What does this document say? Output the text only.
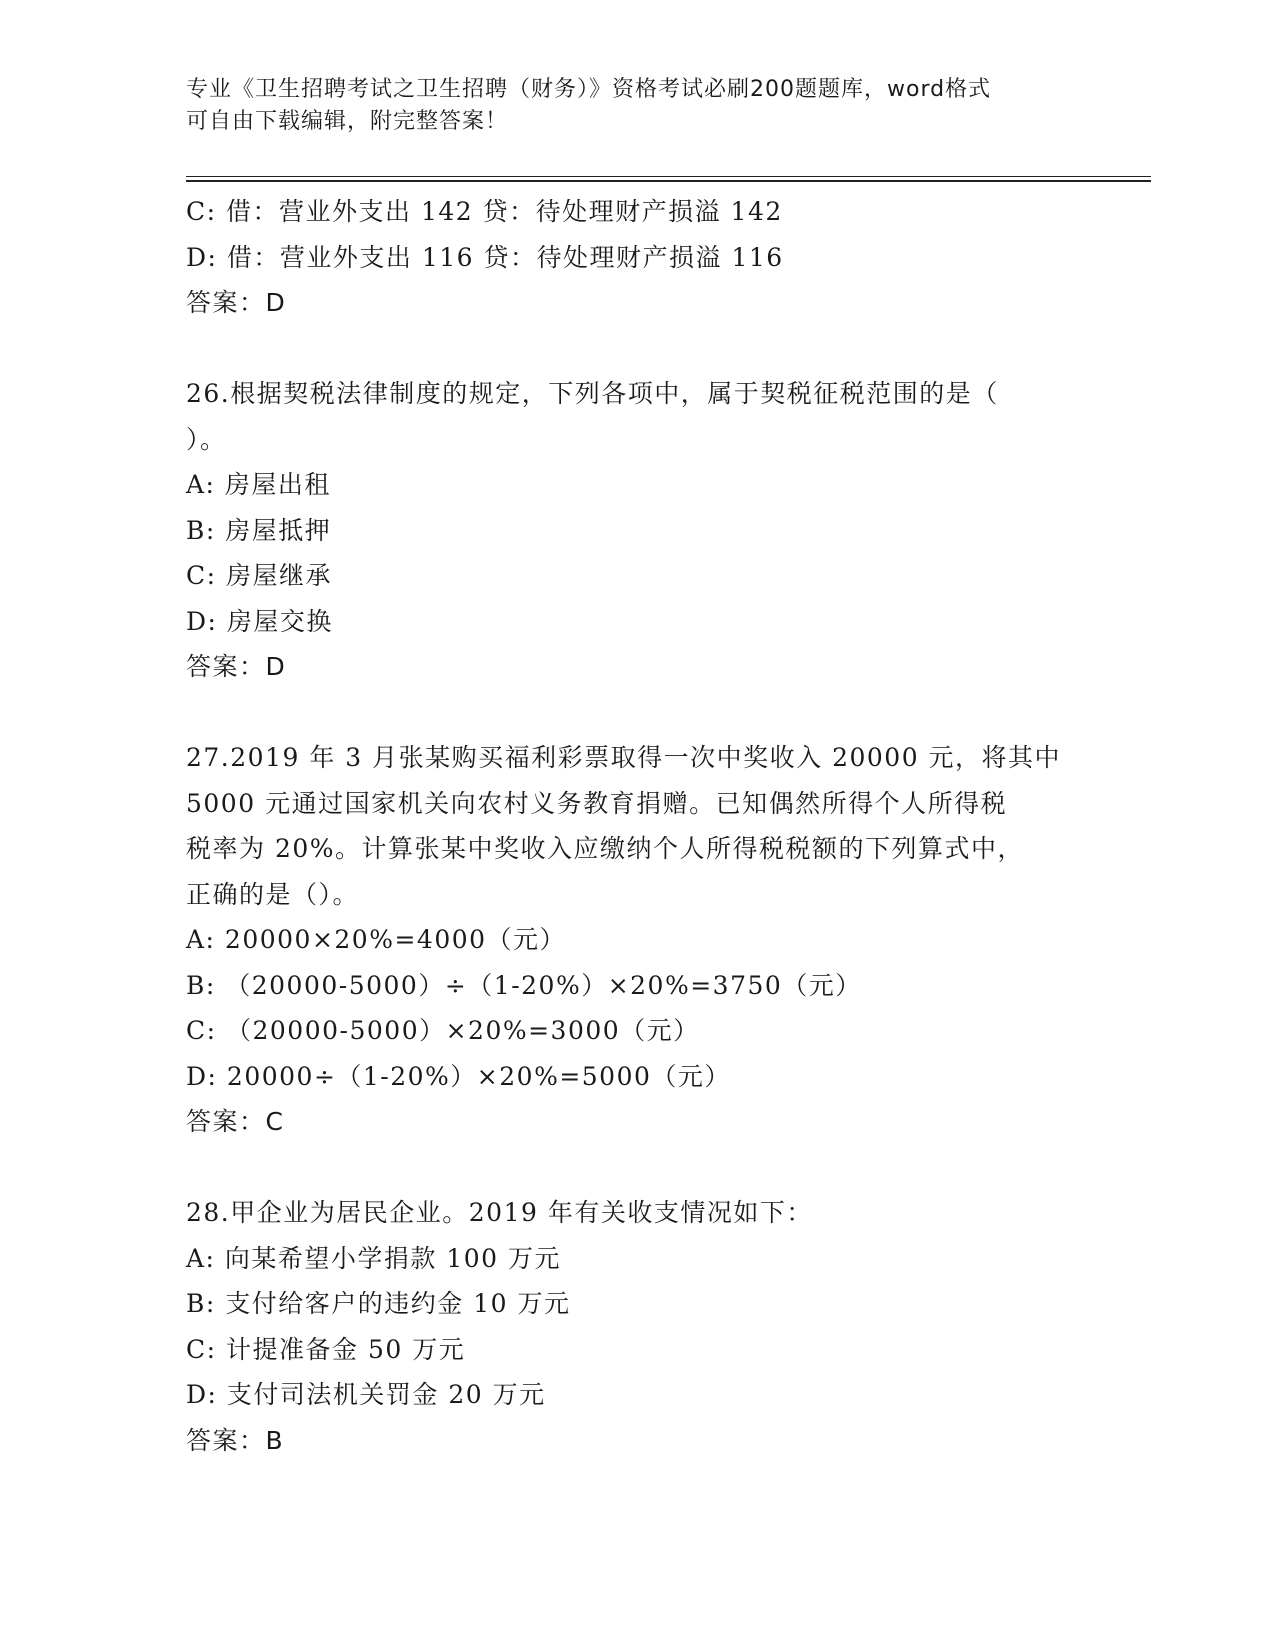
专业《卫生招聘考试之卫生招聘（财务）》资格考试必刷200题题库，word格式
可自由下载编辑，附完整答案！
C: 借：营业外支出 142 贷：待处理财产损溢 142
D: 借：营业外支出 116 贷：待处理财产损溢 116
答案：D
26.根据契税法律制度的规定，下列各项中，属于契税征税范围的是（
）。
A: 房屋出租
B: 房屋抵押
C: 房屋继承
D: 房屋交换
答案：D
27.2019 年 3 月张某购买福利彩票取得一次中奖收入 20000 元，将其中
5000 元通过国家机关向农村义务教育捐赠。已知偶然所得个人所得税
税率为 20%。计算张某中奖收入应缴纳个人所得税税额的下列算式中，
正确的是（）。
A: 20000×20%=4000（元）
B: （20000-5000）÷（1-20%）×20%=3750（元）
C: （20000-5000）×20%=3000（元）
D: 20000÷（1-20%）×20%=5000（元）
答案：C
28.甲企业为居民企业。2019 年有关收支情况如下：
A: 向某希望小学捐款 100 万元
B: 支付给客户的违约金 10 万元
C: 计提准备金 50 万元
D: 支付司法机关罚金 20 万元
答案：B
